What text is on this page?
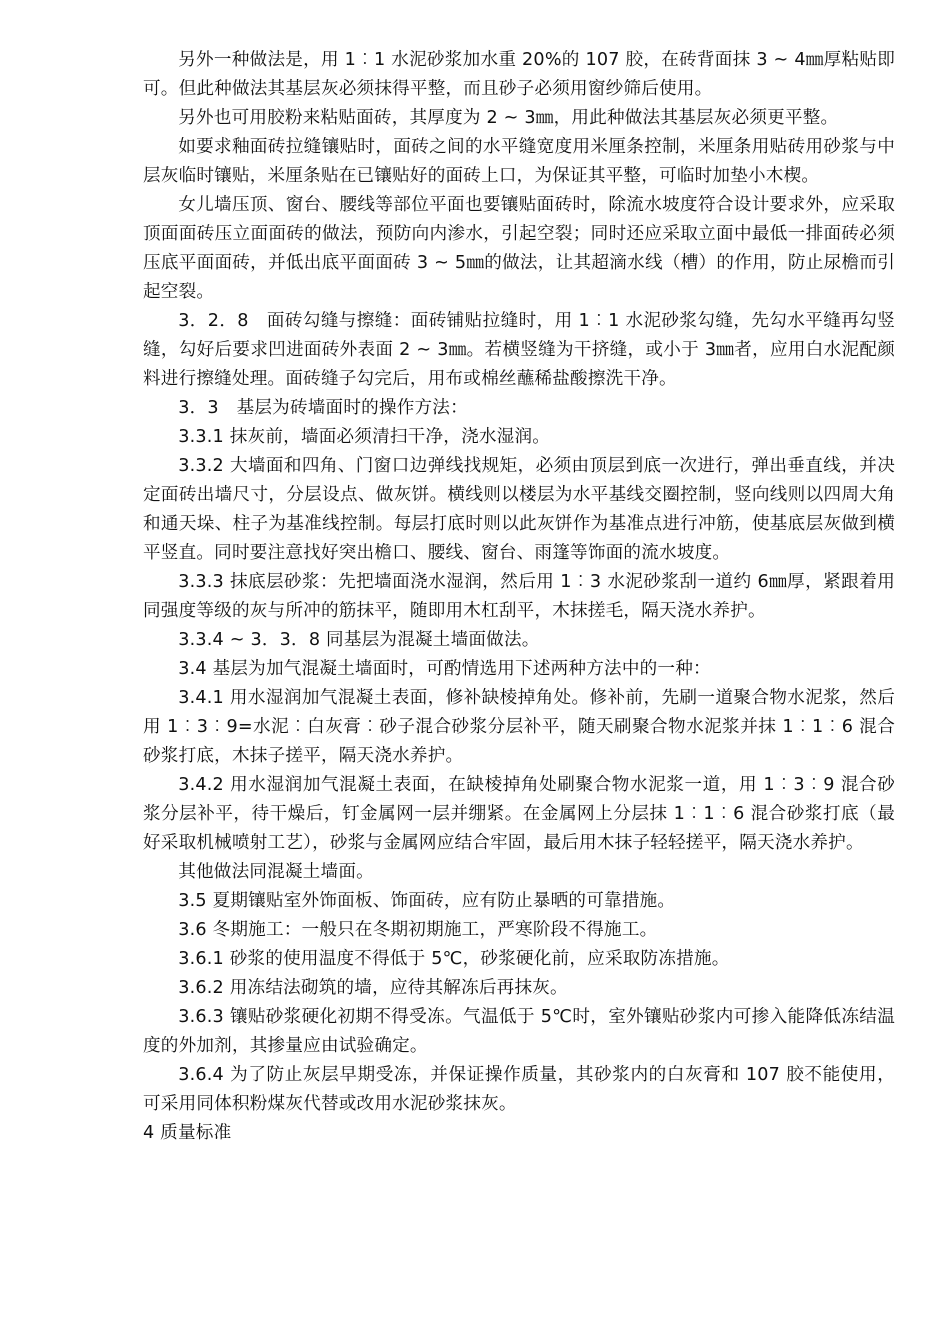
另外一种做法是，用 1︰1 水泥砂浆加水重 20%的 107 胶，在砖背面抹 3 ~ 4㎜厚粘贴即可。但此种做法其基层灰必须抹得平整，而且砂子必须用窗纱筛后使用。

另外也可用胶粉来粘贴面砖，其厚度为 2 ~ 3㎜，用此种做法其基层灰必须更平整。

如要求釉面砖拉缝镶贴时，面砖之间的水平缝宽度用米厘条控制，米厘条用贴砖用砂浆与中层灰临时镶贴，米厘条贴在已镶贴好的面砖上口，为保证其平整，可临时加垫小木楔。

女儿墙压顶、窗台、腰线等部位平面也要镶贴面砖时，除流水坡度符合设计要求外，应采取顶面面砖压立面面砖的做法，预防向内渗水，引起空裂；同时还应采取立面中最低一排面砖必须压底平面面砖，并低出底平面面砖 3 ~ 5㎜的做法，让其超滴水线（槽）的作用，防止尿檐而引起空裂。

3．2．8　面砖勾缝与擦缝：面砖铺贴拉缝时，用 1︰1 水泥砂浆勾缝，先勾水平缝再勾竖缝，勾好后要求凹进面砖外表面 2 ~ 3㎜。若横竖缝为干挤缝，或小于 3㎜者，应用白水泥配颜料进行擦缝处理。面砖缝子勾完后，用布或棉丝蘸稀盐酸擦洗干净。

3．3　基层为砖墙面时的操作方法：

3.3.1 抹灰前，墙面必须清扫干净，浇水湿润。

3.3.2 大墙面和四角、门窗口边弹线找规矩，必须由顶层到底一次进行，弹出垂直线，并决定面砖出墙尺寸，分层设点、做灰饼。横线则以楼层为水平基线交圈控制，竖向线则以四周大角和通天垛、柱子为基准线控制。每层打底时则以此灰饼作为基准点进行冲筋，使基底层灰做到横平竖直。同时要注意找好突出檐口、腰线、窗台、雨篷等饰面的流水坡度。

3.3.3 抹底层砂浆：先把墙面浇水湿润，然后用 1︰3 水泥砂浆刮一道约 6㎜厚，紧跟着用同强度等级的灰与所冲的筋抹平，随即用木杠刮平，木抹搓毛，隔天浇水养护。

3.3.4 ~ 3．3．8 同基层为混凝土墙面做法。

3.4 基层为加气混凝土墙面时，可酌情选用下述两种方法中的一种：

3.4.1 用水湿润加气混凝土表面，修补缺棱掉角处。修补前，先刷一道聚合物水泥浆，然后用 1︰3︰9=水泥︰白灰膏︰砂子混合砂浆分层补平，随天刷聚合物水泥浆并抹 1︰1︰6 混合砂浆打底，木抹子搓平，隔天浇水养护。

3.4.2 用水湿润加气混凝土表面，在缺棱掉角处刷聚合物水泥浆一道，用 1︰3︰9 混合砂浆分层补平，待干燥后，钉金属网一层并绷紧。在金属网上分层抹 1︰1︰6 混合砂浆打底（最好采取机械喷射工艺），砂浆与金属网应结合牢固，最后用木抹子轻轻搓平，隔天浇水养护。

其他做法同混凝土墙面。

3.5 夏期镶贴室外饰面板、饰面砖，应有防止暴晒的可靠措施。

3.6 冬期施工：一般只在冬期初期施工，严寒阶段不得施工。

3.6.1 砂浆的使用温度不得低于 5℃，砂浆硬化前，应采取防冻措施。

3.6.2 用冻结法砌筑的墙，应待其解冻后再抹灰。

3.6.3 镶贴砂浆硬化初期不得受冻。气温低于 5℃时，室外镶贴砂浆内可掺入能降低冻结温度的外加剂，其掺量应由试验确定。

3.6.4 为了防止灰层早期受冻，并保证操作质量，其砂浆内的白灰膏和 107 胶不能使用，可采用同体积粉煤灰代替或改用水泥砂浆抹灰。

4 质量标准
